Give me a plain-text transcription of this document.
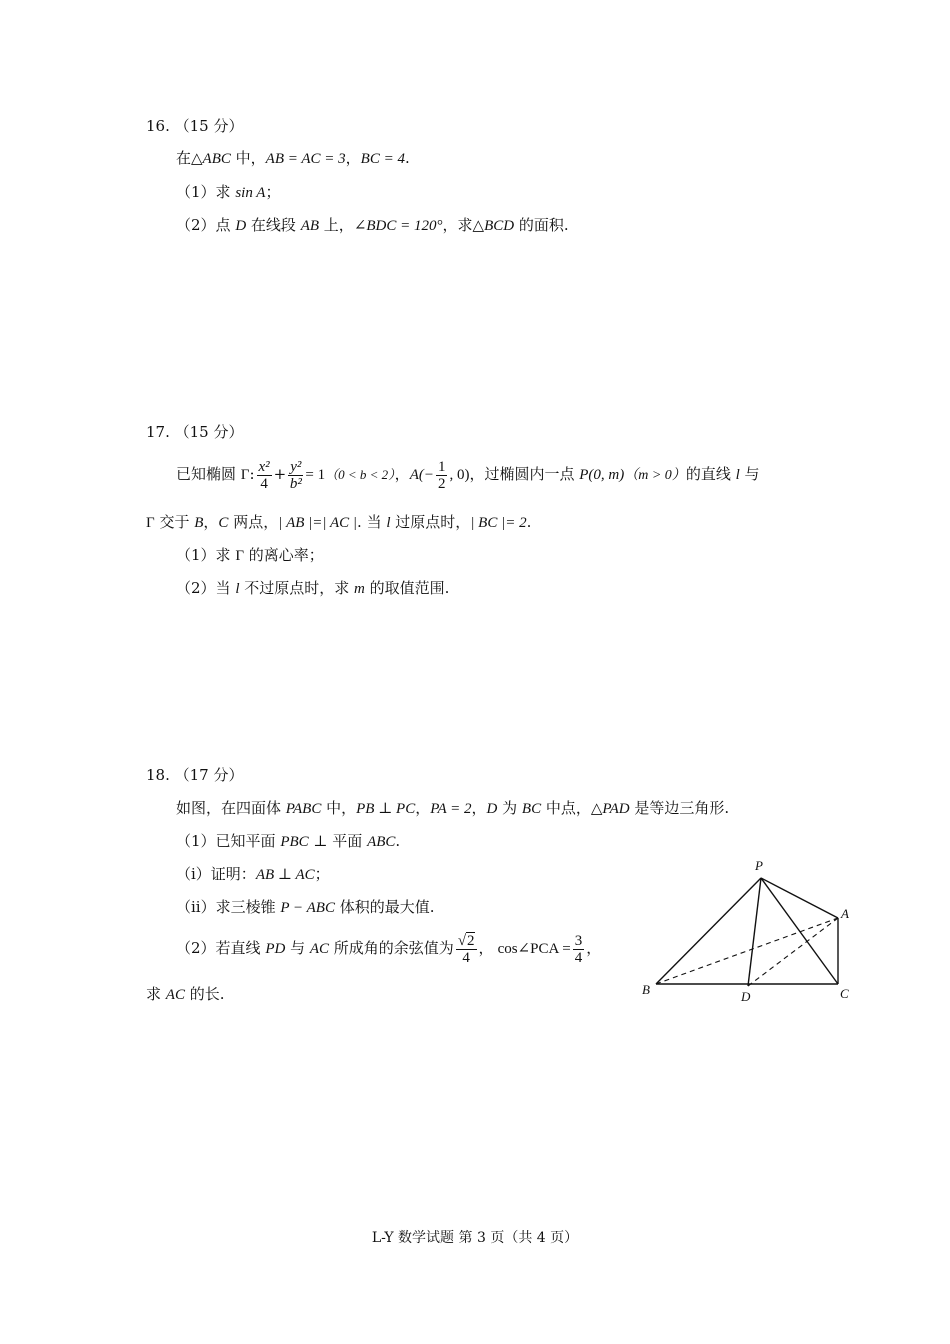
16. （15 分）
在△ABC 中，AB = AC = 3，BC = 4.
（1）求 sin A；
（2）点 D 在线段 AB 上，∠BDC = 120°，求△BCD 的面积.
17. （15 分）
已知椭圆 Γ: $\frac{\text{x²}}{4} + \frac{\text{y²}}{\text{b²}} = 1(0 < b < 2)$，$A(- \frac{1}{2}$ , 0)，过椭圆内一点 P(0, m)（m > 0）的直线 l 与
Γ 交于 B，C 两点，| AB |=| AC |. 当 l 过原点时，| BC |= 2.
（1）求 Γ 的离心率；
（2）当 l 不过原点时，求 m 的取值范围.
18. （17 分）
如图，在四面体 PABC 中，PB ⊥ PC，PA = 2，D 为 BC 中点，△PAD 是等边三角形.
（1）已知平面 PBC ⊥ 平面 ABC.
（i）证明：AB ⊥ AC；
（ii）求三棱锥 P − ABC 体积的最大值.
（2）若直线 PD 与 AC 所成角的余弦值为 $\frac{√2}{4}$ ， cos∠PCA = $\frac{3}{4}$ ，
求 AC 的长.
P
A
B	D	C
L-Y 数学试题 第 3 页（共 4 页）
